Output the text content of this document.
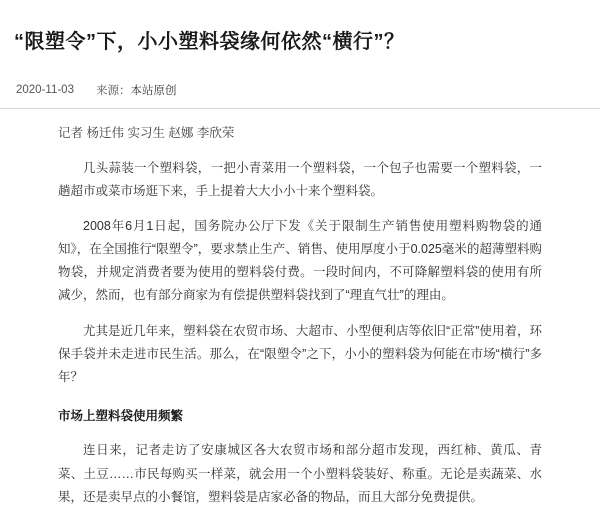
“限塑令”下，小小塑料袋缘何依然“横行”？
2020-11-03 来源：本站原创
记者 杨迁伟 实习生 赵娜 李欣荣

几头蒜装一个塑料袋，一把小青菜用一个塑料袋，一个包子也需要一个塑料袋，一趟超市或菜市场逛下来，手上提着大大小小十来个塑料袋。

2008年6月1日起，国务院办公厅下发《关于限制生产销售使用塑料购物袋的通知》，在全国推行“限塑令”，要求禁止生产、销售、使用厚度小于0.025毫米的超薄塑料购物袋，并规定消费者要为使用的塑料袋付费。一段时间内，不可降解塑料袋的使用有所减少，然而，也有部分商家为有偿提供塑料袋找到了“理直气壮”的理由。

尤其是近几年来，塑料袋在农贸市场、大超市、小型便利店等依旧“正常”使用着，环保手袋并未走进市民生活。那么，在“限塑令”之下，小小的塑料袋为何能在市场“横行”多年？

市场上塑料袋使用频繁

连日来，记者走访了安康城区各大农贸市场和部分超市发现，西红柿、黄瓜、青菜、土豆……市民每购买一样菜，就会用一个小塑料袋装好、称重。无论是卖蔬菜、水果，还是卖早点的小餐馆，塑料袋是店家必备的物品，而且大部分免费提供。
